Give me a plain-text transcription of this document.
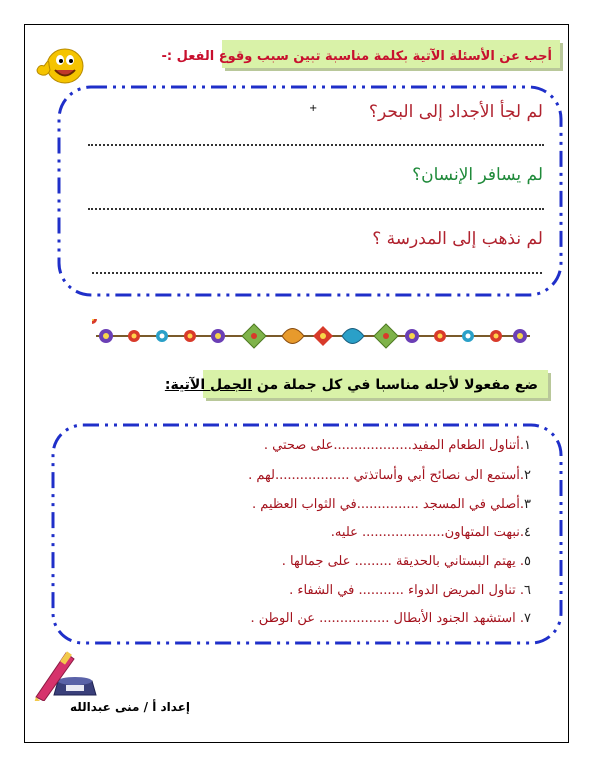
أجب عن الأسئلة الآتية بكلمة مناسبة تبين سبب وقوع الفعل :-
+	لم لجأ الأجداد إلى البحر؟
لم يسافر الإنسان؟
لم نذهب إلى المدرسة ؟
ضع مفعولا لأجله مناسبا في كل جملة من الجمل الآتية:
١.أتناول الطعام المفيد...................على صحتي .
٢.أستمع الى نصائح أبي وأساتذتي ..................لهم .
٣.أصلي في المسجد ...............في الثواب العظيم .
٤.نبهت المتهاون.................... عليه.
٥. يهتم البستاني بالحديقة ......... على جمالها .
٦. تناول المريض الدواء ........... في الشفاء .
٧. استشهد الجنود الأبطال ................. عن الوطن .
إعداد أ / منى عبدالله
